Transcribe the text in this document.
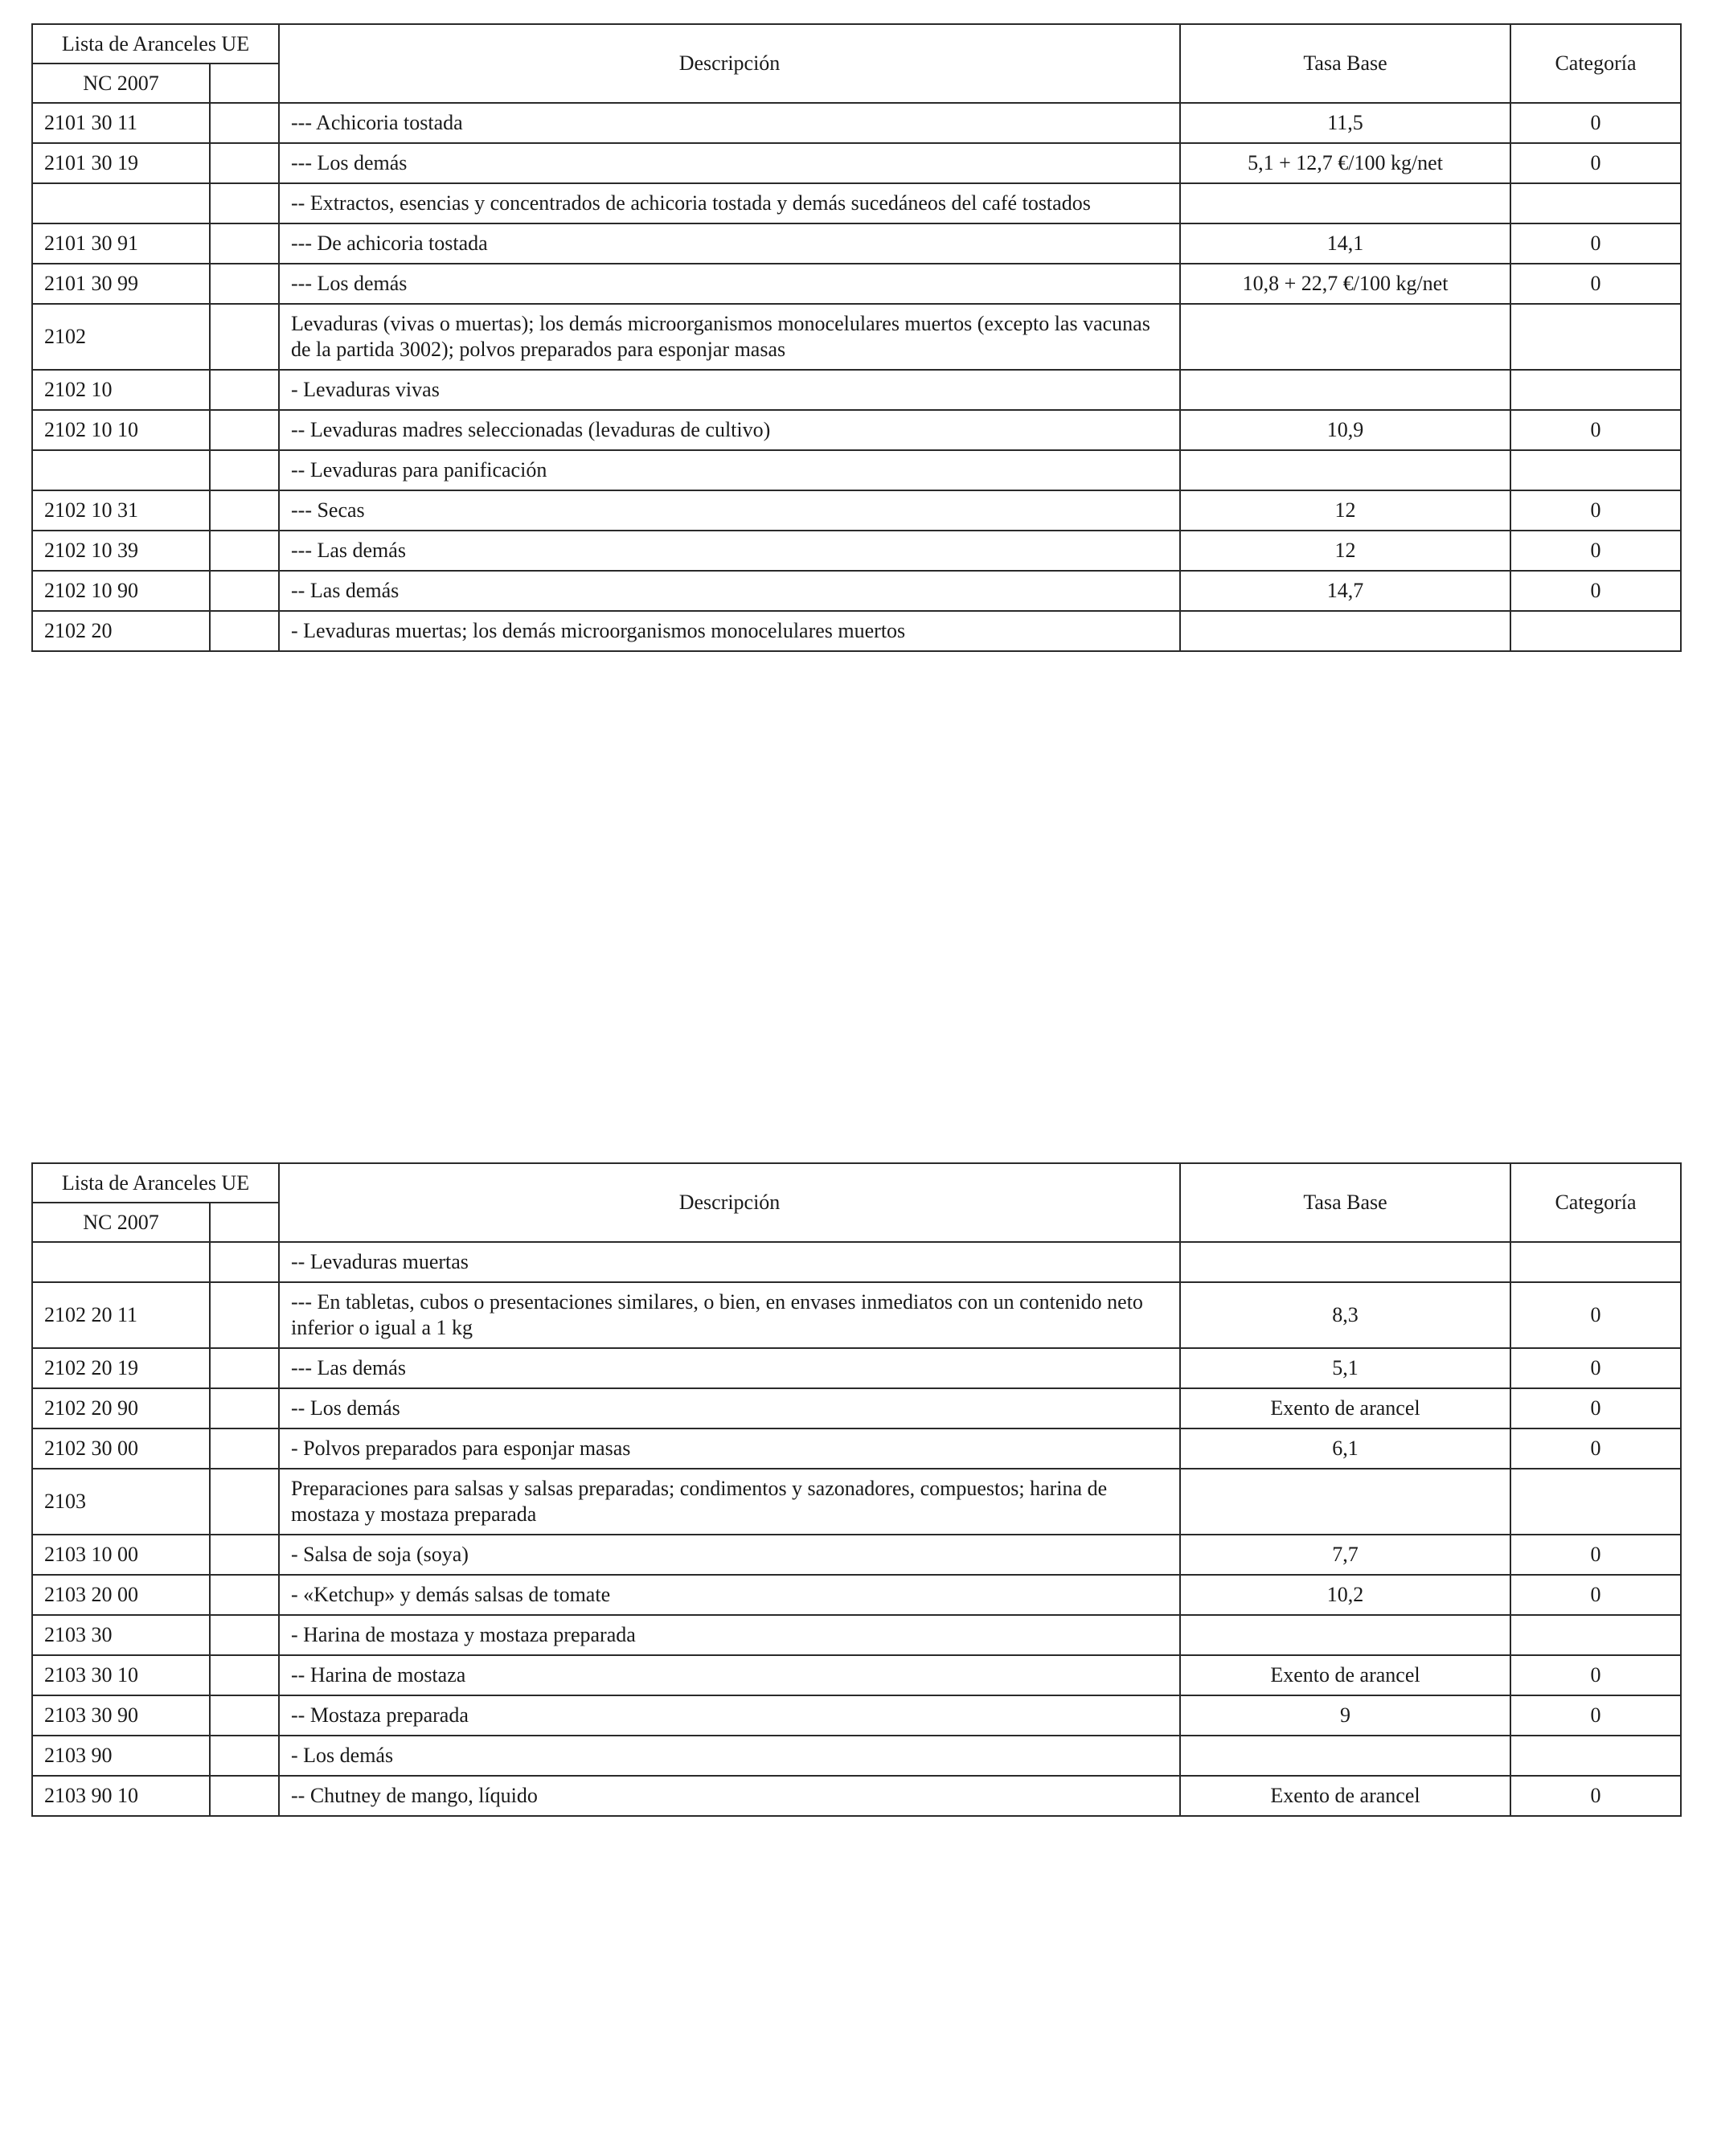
Lista de Aranceles UE		Descripción	Tasa Base	Categoría
NC 2007				
2101 30 11		--- Achicoria tostada	11,5	0
2101 30 19		--- Los demás	5,1 + 12,7 €/100 kg/net	0
		-- Extractos, esencias y concentrados de achicoria tostada y demás sucedáneos del café tostados		
2101 30 91		--- De achicoria tostada	14,1	0
2101 30 99		--- Los demás	10,8 + 22,7 €/100 kg/net	0
2102		Levaduras (vivas o muertas); los demás microorganismos monocelulares muertos (excepto las vacunas de la partida 3002); polvos preparados para esponjar masas		
2102 10		- Levaduras vivas		
2102 10 10		-- Levaduras madres seleccionadas (levaduras de cultivo)	10,9	0
		-- Levaduras para panificación		
2102 10 31		--- Secas	12	0
2102 10 39		--- Las demás	12	0
2102 10 90		-- Las demás	14,7	0
2102 20		- Levaduras muertas; los demás microorganismos monocelulares muertos		
Lista de Aranceles UE		Descripción	Tasa Base	Categoría
NC 2007				
		-- Levaduras muertas		
2102 20 11		--- En tabletas, cubos o presentaciones similares, o bien, en envases inmediatos con un contenido neto inferior o igual a 1 kg	8,3	0
2102 20 19		--- Las demás	5,1	0
2102 20 90		-- Los demás	Exento de arancel	0
2102 30 00		- Polvos preparados para esponjar masas	6,1	0
2103		Preparaciones para salsas y salsas preparadas; condimentos y sazonadores, compuestos; harina de mostaza y mostaza preparada		
2103 10 00		- Salsa de soja (soya)	7,7	0
2103 20 00		- «Ketchup» y demás salsas de tomate	10,2	0
2103 30		- Harina de mostaza y mostaza preparada		
2103 30 10		-- Harina de mostaza	Exento de arancel	0
2103 30 90		-- Mostaza preparada	9	0
2103 90		- Los demás		
2103 90 10		-- Chutney de mango, líquido	Exento de arancel	0
